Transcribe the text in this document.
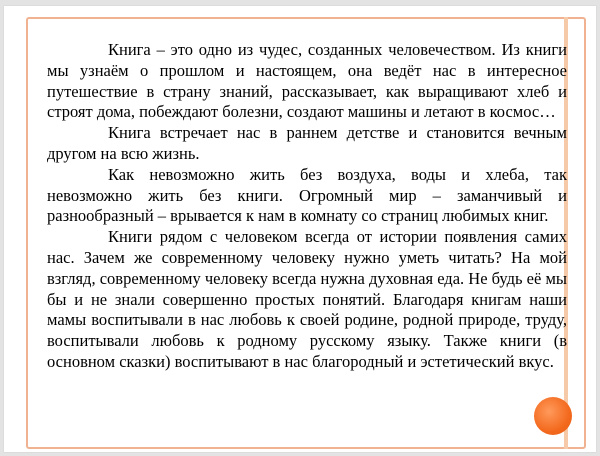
Книга – это одно из чудес, созданных человечеством. Из книги мы узнаём о прошлом и настоящем, она ведёт нас в интересное путешествие в страну знаний, рассказывает, как выращивают хлеб и строят дома, побеждают болезни, создают машины и летают в космос…

Книга встречает нас в раннем детстве и становится вечным другом на всю жизнь.

Как невозможно жить без воздуха, воды и хлеба, так невозможно жить без книги. Огромный мир – заманчивый и разнообразный – врывается к нам в комнату со страниц любимых книг.

Книги рядом с человеком всегда от истории появления самих нас. Зачем же современному человеку нужно уметь читать? На мой взгляд, современному человеку всегда нужна духовная еда. Не будь её мы бы и не знали совершенно простых понятий. Благодаря книгам наши мамы воспитывали в нас любовь к своей родине, родной природе, труду, воспитывали любовь к родному русскому языку. Также книги (в основном сказки) воспитывают в нас благородный и эстетический вкус.
